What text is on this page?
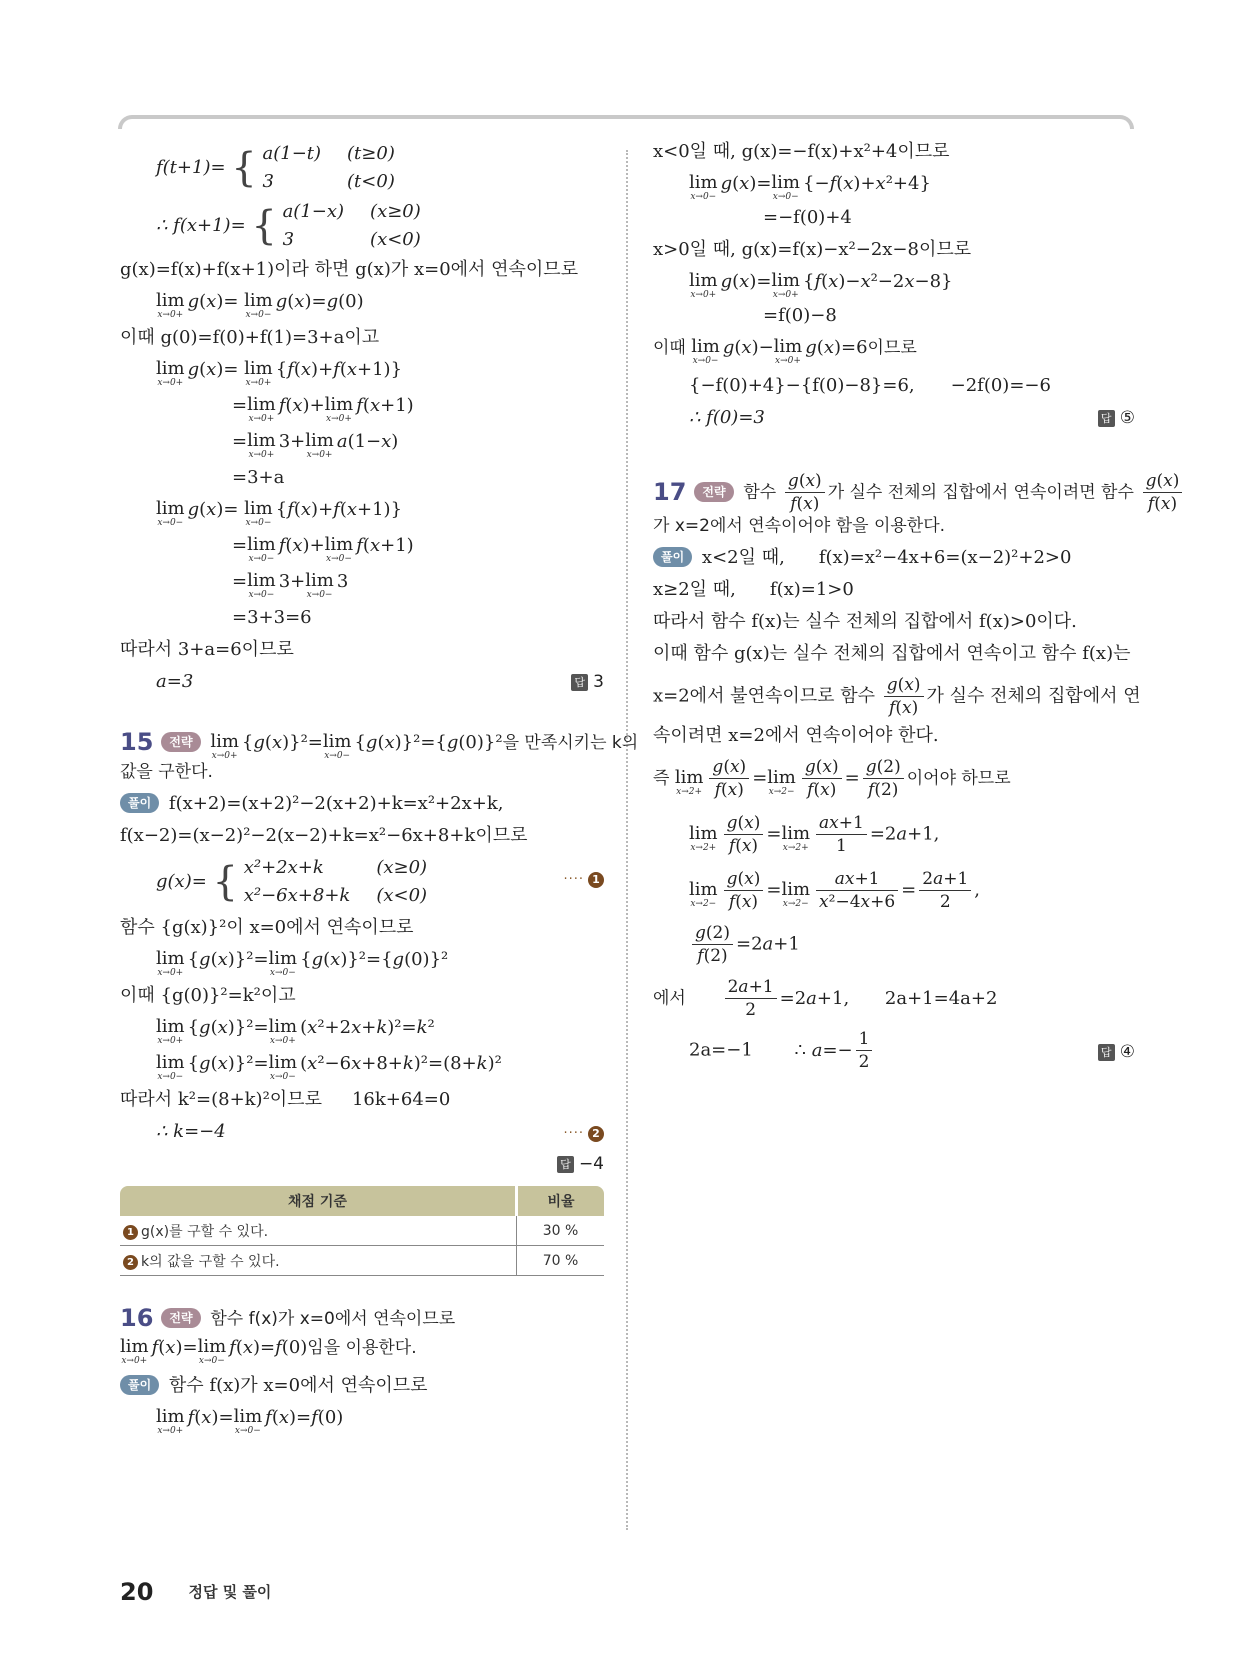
f(t+1)= { a(1−t) (t≥0)
3	(t<0)
∴ f(x+1)= { a(1−x) (x≥0)
3	(x<0)
g(x)=f(x)+f(x+1)이라 하면 g(x)가 x=0에서 연속이므로
lim
x→0+
g(x)= lim
x→0−
g(x)=g(0)
이때 g(0)=f(0)+f(1)=3+a이고
lim
x→0+
g(x)= lim
x→0+
{f(x)+f(x+1)}
= lim
x→0+
f(x)+ lim
x→0+
f(x+1)
= lim
x→0+
3+ lim
x→0+
a(1−x)
=3+a
lim
x→0−
g(x)= lim
x→0−
{f(x)+f(x+1)}
= lim
x→0−
f(x)+ lim
x→0−
f(x+1)
= lim
x→0−
3+ lim
x→0−
3
=3+3=6
따라서 3+a=6이므로
a=3	답 3
15 전략 lim
x→0+
{g(x)}²= lim
x→0−
{g(x)}²={g(0)}²을 만족시키는 k의
값을 구한다.
풀이 f(x+2)=(x+2)²−2(x+2)+k=x²+2x+k,
f(x−2)=(x−2)²−2(x−2)+k=x²−6x+8+k이므로
g(x)= { x²+2x+k	(x≥0)
x²−6x+8+k (x<0)
···· 1
함수 {g(x)}²이 x=0에서 연속이므로
lim
x→0+
{g(x)}²= lim
x→0−
{g(x)}²={g(0)}²
이때 {g(0)}²=k²이고
lim
x→0+
{g(x)}²= lim
x→0+
(x²+2x+k)²=k²
lim
x→0−
{g(x)}²= lim
x→0−
(x²−6x+8+k)²=(8+k)²
따라서 k²=(8+k)²이므로 16k+64=0
∴ k=−4	···· 2
답 −4
채점 기준	비율
1 g(x)를 구할 수 있다.	30 %
2 k의 값을 구할 수 있다.	70 %
16 전략 함수 f(x)가 x=0에서 연속이므로
lim
x→0+
f(x)= lim
x→0−
f(x)=f(0)임을 이용한다.
풀이 함수 f(x)가 x=0에서 연속이므로
lim
x→0+
f(x)= lim
x→0−
f(x)=f(0)
x<0일 때, g(x)=−f(x)+x²+4이므로
lim
x→0−
g(x)= lim
x→0−
{−f(x)+x²+4}
=−f(0)+4
x>0일 때, g(x)=f(x)−x²−2x−8이므로
lim
x→0+
g(x)= lim
x→0+
{f(x)−x²−2x−8}
=f(0)−8
이때 lim
x→0−
g(x)− lim
x→0+
g(x)=6이므로
{−f(0)+4}−{f(0)−8}=6, −2f(0)=−6
∴ f(0)=3	답 ⑤
17 전략 함수 $\frac{g(x)}{f(x)}$ 가 실수 전체의 집합에서 연속이려면 함수 $\frac{g(x)}{f(x)}$
가 x=2에서 연속이어야 함을 이용한다.
풀이 x<2일 때, f(x)=x²−4x+6=(x−2)²+2>0
x≥2일 때, f(x)=1>0
따라서 함수 f(x)는 실수 전체의 집합에서 f(x)>0이다.
이때 함수 g(x)는 실수 전체의 집합에서 연속이고 함수 f(x)는
x=2에서 불연속이므로 함수 $\frac{g(x)}{f(x)}$ 가 실수 전체의 집합에서 연
속이려면 x=2에서 연속이어야 한다.
즉 lim
$x\to 2+ \frac{g(x)}{f(x)} = \lim$
$x\to 2- \frac{g(x)}{f(x)} = \frac{g(2)}{f(2)}$ 이어야 하므로
lim
$x\to 2+ \frac{g(x)}{f(x)} = \lim$
$x\to 2+ \frac{ax+1}{1} =2a+1$,
lim
$x\to 2- \frac{g(x)}{f(x)} = \lim$
$x\to 2- \frac{ax+1}{\text{x²−4x+6}} = \frac{2a+1}{2}$ ,
$\frac{g(2)}{f(2)} =2a+1$
에서 $\frac{2a+1}{2} =2a+1$, 2a+1=4a+2
2a=−1 ∴ $a=- \frac{1}{2}$	답 ④
20 정답 및 풀이
